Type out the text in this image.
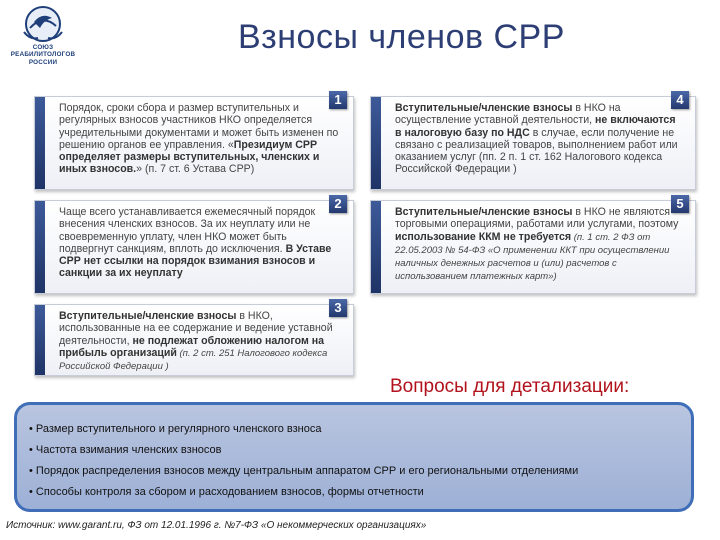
СОЮЗ
РЕАБИЛИТОЛОГОВ
РОССИИ
Взносы членов СРР
1
Порядок, сроки сбора и размер вступительных и регулярных взносов участников НКО определяется учредительными документами и может быть изменен по решению органов ее управления. «Президиум СРР определяет размеры вступительных, членских и иных взносов.» (п. 7 ст. 6 Устава СРР)
2
Чаще всего устанавливается ежемесячный порядок внесения членских взносов. За их неуплату или не своевременную уплату, член НКО может быть подвергнут санкциям, вплоть до исключения. В Уставе СРР нет ссылки на порядок взимания взносов и санкции за их неуплату
3
Вступительные/членские взносы в НКО, использованные на ее содержание и ведение уставной деятельности, не подлежат обложению налогом на прибыль организаций (п. 2 ст. 251 Налогового кодекса Российской Федерации )
4
Вступительные/членские взносы в НКО на осуществление уставной деятельности, не включаются в налоговую базу по НДС в случае, если получение не связано с реализацией товаров, выполнением работ или оказанием услуг (пп. 2 п. 1 ст. 162 Налогового кодекса Российской Федерации )
5
Вступительные/членские взносы в НКО не являются торговыми операциями, работами или услугами, поэтому использование ККМ не требуется (п. 1 ст. 2 ФЗ от 22.05.2003 № 54-ФЗ «О применении ККТ при осуществлении наличных денежных расчетов и (или) расчетов с использованием платежных карт»)
Вопросы для детализации:
• Размер вступительного и регулярного членского взноса
• Частота взимания членских взносов
• Порядок распределения взносов между центральным аппаратом СРР и его региональными отделениями
• Способы контроля за сбором и расходованием взносов, формы отчетности
Источник: www.garant.ru, ФЗ от 12.01.1996 г. №7-ФЗ «О некоммерческих организациях»
